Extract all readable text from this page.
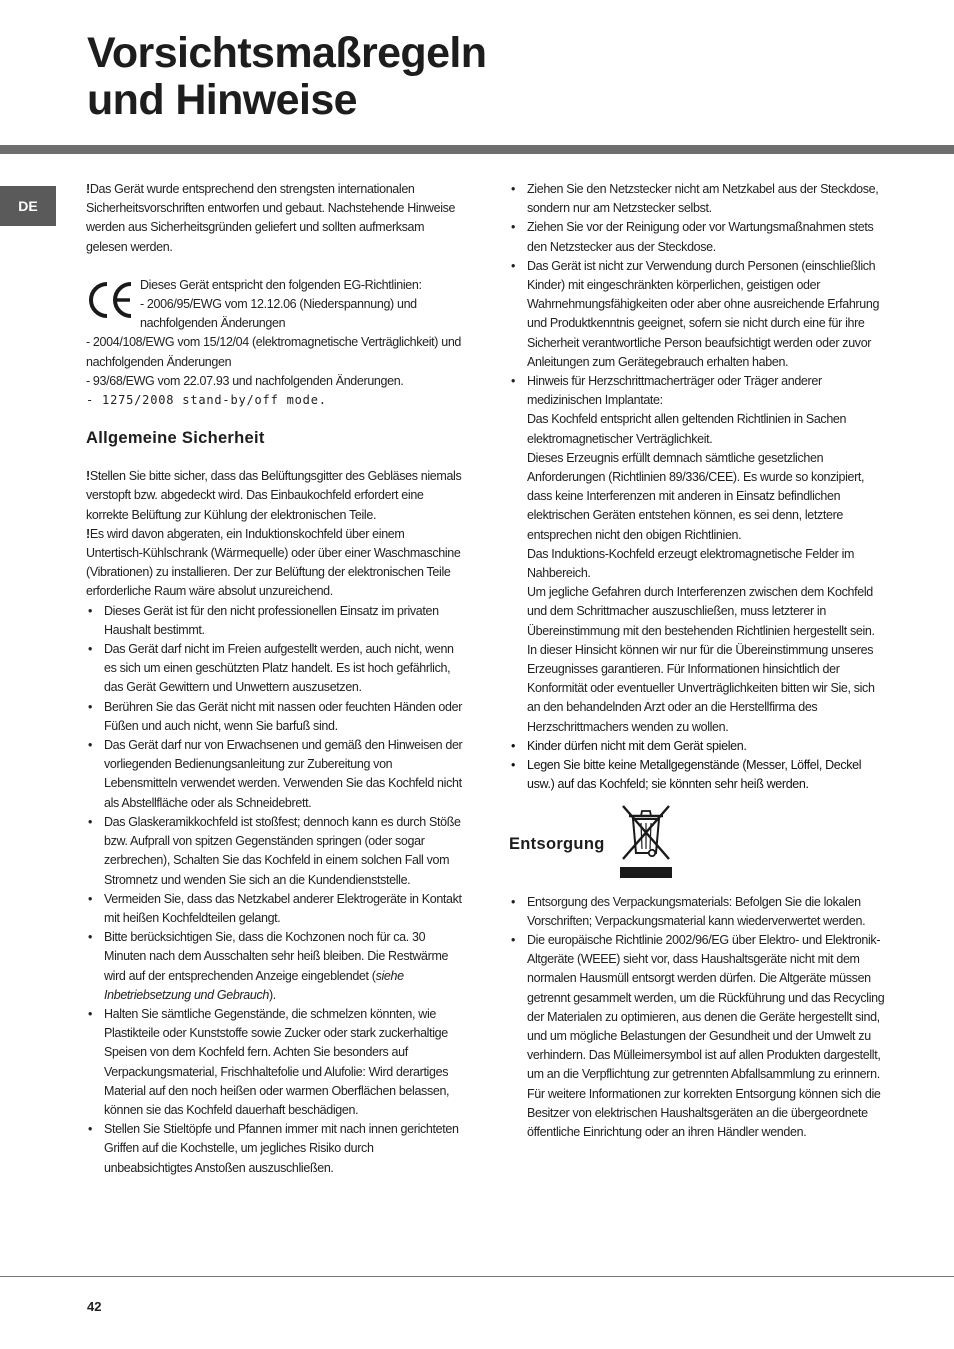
Vorsichtsmaßregeln
und Hinweise
DE

!Das Gerät wurde entsprechend den strengsten internationalen Sicherheitsvorschriften entworfen und gebaut. Nachstehende Hinweise werden aus Sicherheitsgründen geliefert und sollten aufmerksam gelesen werden.

Dieses Gerät entspricht den folgenden EG-Richtlinien:

- 2006/95/EWG vom 12.12.06 (Niederspannung) und nachfolgenden Änderungen

- 2004/108/EWG vom 15/12/04 (elektromagnetische Verträglichkeit) und nachfolgenden Änderungen

- 93/68/EWG vom 22.07.93 und nachfolgenden Änderungen.

- 1275/2008 stand-by/off mode.

Allgemeine Sicherheit

!Stellen Sie bitte sicher, dass das Belüftungsgitter des Gebläses niemals verstopft bzw. abgedeckt wird. Das Einbaukochfeld erfordert eine korrekte Belüftung zur Kühlung der elektronischen Teile.

!Es wird davon abgeraten, ein Induktionskochfeld über einem Untertisch-Kühlschrank (Wärmequelle) oder über einer Waschmaschine (Vibrationen) zu installieren. Der zur Belüftung der elektronischen Teile erforderliche Raum wäre absolut unzureichend.

• Dieses Gerät ist für den nicht professionellen Einsatz im privaten Haushalt bestimmt.
• Das Gerät darf nicht im Freien aufgestellt werden, auch nicht, wenn es sich um einen geschützten Platz handelt. Es ist hoch gefährlich, das Gerät Gewittern und Unwettern auszusetzen.
• Berühren Sie das Gerät nicht mit nassen oder feuchten Händen oder Füßen und auch nicht, wenn Sie barfuß sind.
• Das Gerät darf nur von Erwachsenen und gemäß den Hinweisen der vorliegenden Bedienungsanleitung zur Zubereitung von Lebensmitteln verwendet werden. Verwenden Sie das Kochfeld nicht als Abstellfläche oder als Schneidebrett.
• Das Glaskeramikkochfeld ist stoßfest; dennoch kann es durch Stöße bzw. Aufprall von spitzen Gegenständen springen (oder sogar zerbrechen), Schalten Sie das Kochfeld in einem solchen Fall vom Stromnetz und wenden Sie sich an die Kundendienststelle.
• Vermeiden Sie, dass das Netzkabel anderer Elektrogeräte in Kontakt mit heißen Kochfeldteilen gelangt.
• Bitte berücksichtigen Sie, dass die Kochzonen noch für ca. 30 Minuten nach dem Ausschalten sehr heiß bleiben. Die Restwärme wird auf der entsprechenden Anzeige eingeblendet (siehe Inbetriebsetzung und Gebrauch).
• Halten Sie sämtliche Gegenstände, die schmelzen könnten, wie Plastikteile oder Kunststoffe sowie Zucker oder stark zuckerhaltige Speisen von dem Kochfeld fern. Achten Sie besonders auf Verpackungsmaterial, Frischhaltefolie und Alufolie: Wird derartiges Material auf den noch heißen oder warmen Oberflächen belassen, können sie das Kochfeld dauerhaft beschädigen.
• Stellen Sie Stieltöpfe und Pfannen immer mit nach innen gerichteten Griffen auf die Kochstelle, um jegliches Risiko durch unbeabsichtigtes Anstoßen auszuschließen.
• Ziehen Sie den Netzstecker nicht am Netzkabel aus der Steckdose, sondern nur am Netzstecker selbst.
• Ziehen Sie vor der Reinigung oder vor Wartungsmaßnahmen stets den Netzstecker aus der Steckdose.
• Das Gerät ist nicht zur Verwendung durch Personen (einschließlich Kinder) mit eingeschränkten körperlichen, geistigen oder Wahrnehmungsfähigkeiten oder aber ohne ausreichende Erfahrung und Produktkenntnis geeignet, sofern sie nicht durch eine für ihre Sicherheit verantwortliche Person beaufsichtigt werden oder zuvor Anleitungen zum Gerätegebrauch erhalten haben.
• Hinweis für Herzschrittmacherträger oder Träger anderer medizinischen Implantate:

Das Kochfeld entspricht allen geltenden Richtlinien in Sachen elektromagnetischer Verträglichkeit.

Dieses Erzeugnis erfüllt demnach sämtliche gesetzlichen Anforderungen (Richtlinien 89/336/CEE). Es wurde so konzipiert, dass keine Interferenzen mit anderen in Einsatz befindlichen elektrischen Geräten entstehen können, es sei denn, letztere entsprechen nicht den obigen Richtlinien.

Das Induktions-Kochfeld erzeugt elektromagnetische Felder im Nahbereich.

Um jegliche Gefahren durch Interferenzen zwischen dem Kochfeld und dem Schrittmacher auszuschließen, muss letzterer in Übereinstimmung mit den bestehenden Richtlinien hergestellt sein.

In dieser Hinsicht können wir nur für die Übereinstimmung unseres Erzeugnisses garantieren. Für Informationen hinsichtlich der Konformität oder eventueller Unverträglichkeiten bitten wir Sie, sich an den behandelnden Arzt oder an die Herstellfirma des Herzschrittmachers wenden zu wollen.

• Kinder dürfen nicht mit dem Gerät spielen.
• Legen Sie bitte keine Metallgegenstände (Messer, Löffel, Deckel usw.) auf das Kochfeld; sie könnten sehr heiß werden.
Entsorgung
• Entsorgung des Verpackungsmaterials: Befolgen Sie die lokalen Vorschriften; Verpackungsmaterial kann wiederverwertet werden.
• Die europäische Richtlinie 2002/96/EG über Elektro- und Elektronik-Altgeräte (WEEE) sieht vor, dass Haushaltsgeräte nicht mit dem normalen Hausmüll entsorgt werden dürfen. Die Altgeräte müssen getrennt gesammelt werden, um die Rückführung und das Recycling der Materialen zu optimieren, aus denen die Geräte hergestellt sind, und um mögliche Belastungen der Gesundheit und der Umwelt zu verhindern. Das Mülleimersymbol ist auf allen Produkten dargestellt, um an die Verpflichtung zur getrennten Abfallsammlung zu erinnern.

Für weitere Informationen zur korrekten Entsorgung können sich die Besitzer von elektrischen Haushaltsgeräten an die übergeordnete öffentliche Einrichtung oder an ihren Händler wenden.

42
